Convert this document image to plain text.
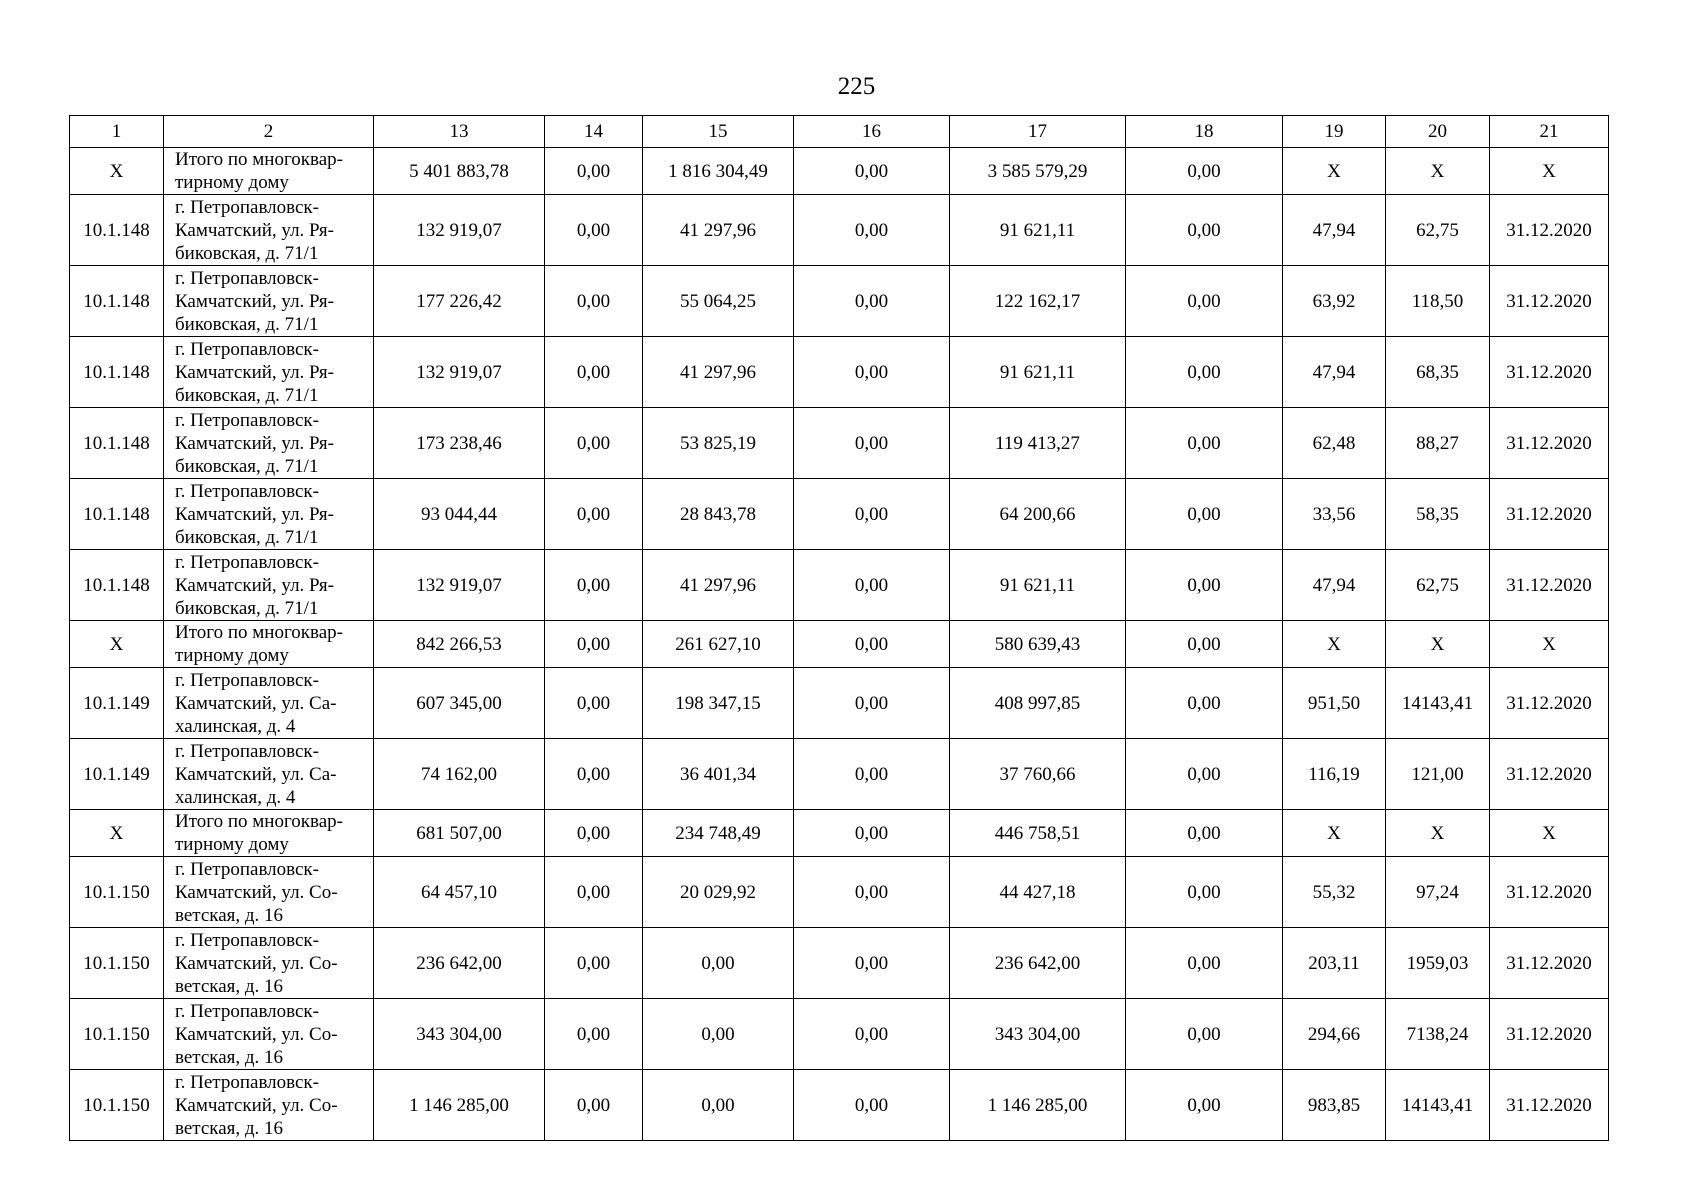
225
1	2	13	14	15	16	17	18	19	20	21
X	Итого по многоквар-тирному дому	5 401 883,78	0,00	1 816 304,49	0,00	3 585 579,29	0,00	X	X	X
10.1.148	г. Петропавловск-Камчатский, ул. Ря-биковская, д. 71/1	132 919,07	0,00	41 297,96	0,00	91 621,11	0,00	47,94	62,75	31.12.2020
10.1.148	г. Петропавловск-Камчатский, ул. Ря-биковская, д. 71/1	177 226,42	0,00	55 064,25	0,00	122 162,17	0,00	63,92	118,50	31.12.2020
10.1.148	г. Петропавловск-Камчатский, ул. Ря-биковская, д. 71/1	132 919,07	0,00	41 297,96	0,00	91 621,11	0,00	47,94	68,35	31.12.2020
10.1.148	г. Петропавловск-Камчатский, ул. Ря-биковская, д. 71/1	173 238,46	0,00	53 825,19	0,00	119 413,27	0,00	62,48	88,27	31.12.2020
10.1.148	г. Петропавловск-Камчатский, ул. Ря-биковская, д. 71/1	93 044,44	0,00	28 843,78	0,00	64 200,66	0,00	33,56	58,35	31.12.2020
10.1.148	г. Петропавловск-Камчатский, ул. Ря-биковская, д. 71/1	132 919,07	0,00	41 297,96	0,00	91 621,11	0,00	47,94	62,75	31.12.2020
X	Итого по многоквар-тирному дому	842 266,53	0,00	261 627,10	0,00	580 639,43	0,00	X	X	X
10.1.149	г. Петропавловск-Камчатский, ул. Са-халинская, д. 4	607 345,00	0,00	198 347,15	0,00	408 997,85	0,00	951,50	14143,41	31.12.2020
10.1.149	г. Петропавловск-Камчатский, ул. Са-халинская, д. 4	74 162,00	0,00	36 401,34	0,00	37 760,66	0,00	116,19	121,00	31.12.2020
X	Итого по многоквар-тирному дому	681 507,00	0,00	234 748,49	0,00	446 758,51	0,00	X	X	X
10.1.150	г. Петропавловск-Камчатский, ул. Со-ветская, д. 16	64 457,10	0,00	20 029,92	0,00	44 427,18	0,00	55,32	97,24	31.12.2020
10.1.150	г. Петропавловск-Камчатский, ул. Со-ветская, д. 16	236 642,00	0,00	0,00	0,00	236 642,00	0,00	203,11	1959,03	31.12.2020
10.1.150	г. Петропавловск-Камчатский, ул. Со-ветская, д. 16	343 304,00	0,00	0,00	0,00	343 304,00	0,00	294,66	7138,24	31.12.2020
10.1.150	г. Петропавловск-Камчатский, ул. Со-ветская, д. 16	1 146 285,00	0,00	0,00	0,00	1 146 285,00	0,00	983,85	14143,41	31.12.2020
